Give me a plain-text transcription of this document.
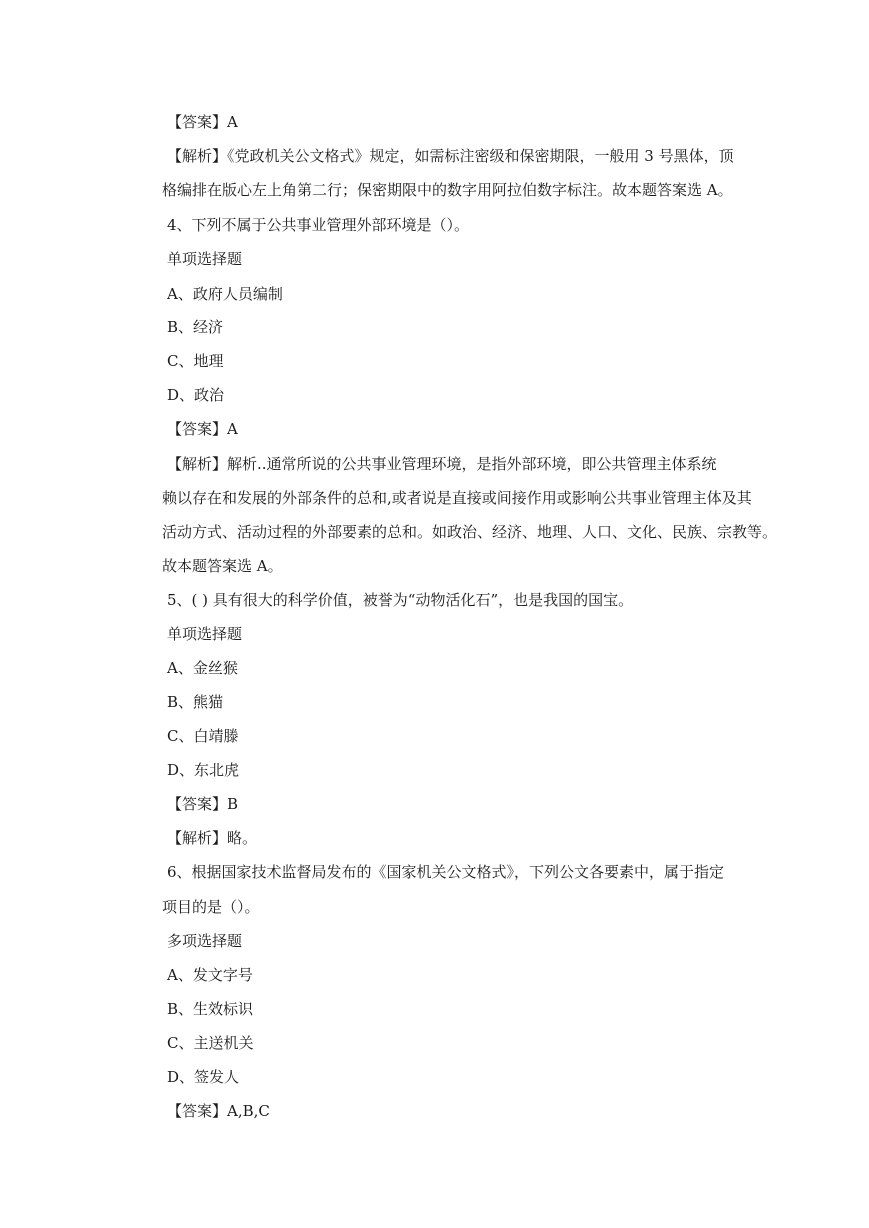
【答案】A
【解析】《党政机关公文格式》规定，如需标注密级和保密期限，一般用 3 号黑体，顶
格编排在版心左上角第二行；保密期限中的数字用阿拉伯数字标注。故本题答案选 A。
4、下列不属于公共事业管理外部环境是（）。
单项选择题
A、政府人员编制
B、经济
C、地理
D、政治
【答案】A
【解析】解析..通常所说的公共事业管理环境，是指外部环境，即公共管理主体系统
赖以存在和发展的外部条件的总和,或者说是直接或间接作用或影响公共事业管理主体及其
活动方式、活动过程的外部要素的总和。如政治、经济、地理、人口、文化、民族、宗教等。
故本题答案选 A。
5、( ) 具有很大的科学价值，被誉为“动物活化石”，也是我国的国宝。
单项选择题
A、金丝猴
B、熊猫
C、白靖滕
D、东北虎
【答案】B
【解析】略。
6、根据国家技术监督局发布的《国家机关公文格式》，下列公文各要素中，属于指定
项目的是（）。
多项选择题
A、发文字号
B、生效标识
C、主送机关
D、签发人
【答案】A,B,C
